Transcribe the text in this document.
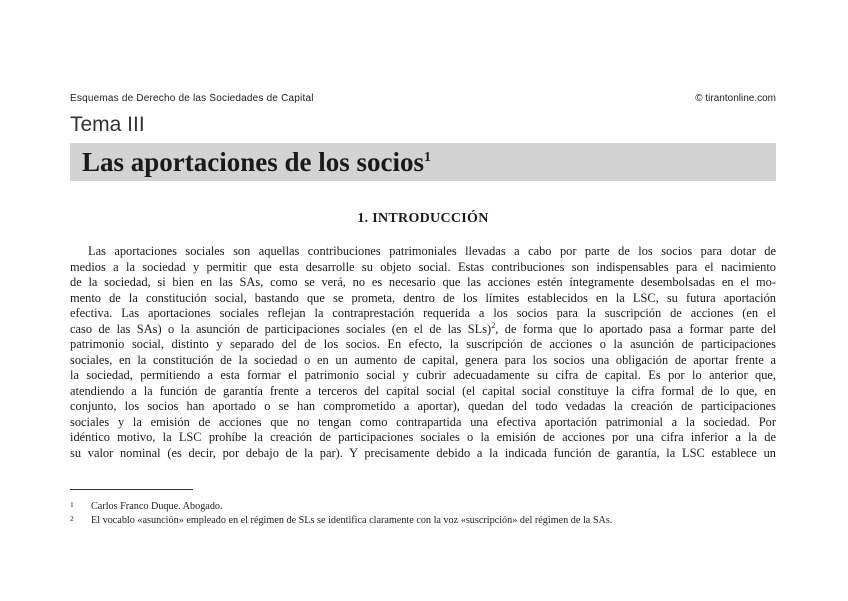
Esquemas de Derecho de las Sociedades de Capital	© tirantonline.com
Tema III
Las aportaciones de los socios$^1$
1. INTRODUCCIÓN
Las aportaciones sociales son aquellas contribuciones patrimoniales llevadas a cabo por parte de los socios para dotar de
medios a la sociedad y permitir que esta desarrolle su objeto social. Estas contribuciones son indispensables para el nacimiento
de la sociedad, si bien en las SAs, como se verá, no es necesario que las acciones estén íntegramente desembolsadas en el mo-
mento de la constitución social, bastando que se prometa, dentro de los límites establecidos en la LSC, su futura aportación
efectiva. Las aportaciones sociales reflejan la contraprestación requerida a los socios para la suscripción de acciones (en el
caso de las SAs) o la asunción de participaciones sociales (en el de las SLs)$^2$, de forma que lo aportado pasa a formar parte del
patrimonio social, distinto y separado del de los socios. En efecto, la suscripción de acciones o la asunción de participaciones
sociales, en la constitución de la sociedad o en un aumento de capital, genera para los socios una obligación de aportar frente a
la sociedad, permitiendo a esta formar el patrimonio social y cubrir adecuadamente su cifra de capital. Es por lo anterior que,
atendiendo a la función de garantía frente a terceros del capital social (el capital social constituye la cifra formal de lo que, en
conjunto, los socios han aportado o se han comprometido a aportar), quedan del todo vedadas la creación de participaciones
sociales y la emisión de acciones que no tengan como contrapartida una efectiva aportación patrimonial a la sociedad. Por
idéntico motivo, la LSC prohíbe la creación de participaciones sociales o la emisión de acciones por una cifra inferior a la de
su valor nominal (es decir, por debajo de la par). Y precisamente debido a la indicada función de garantía, la LSC establece un
1 Carlos Franco Duque. Abogado.
2 El vocablo «asunción» empleado en el régimen de SLs se identifica claramente con la voz «suscripción» del régimen de la SAs.
